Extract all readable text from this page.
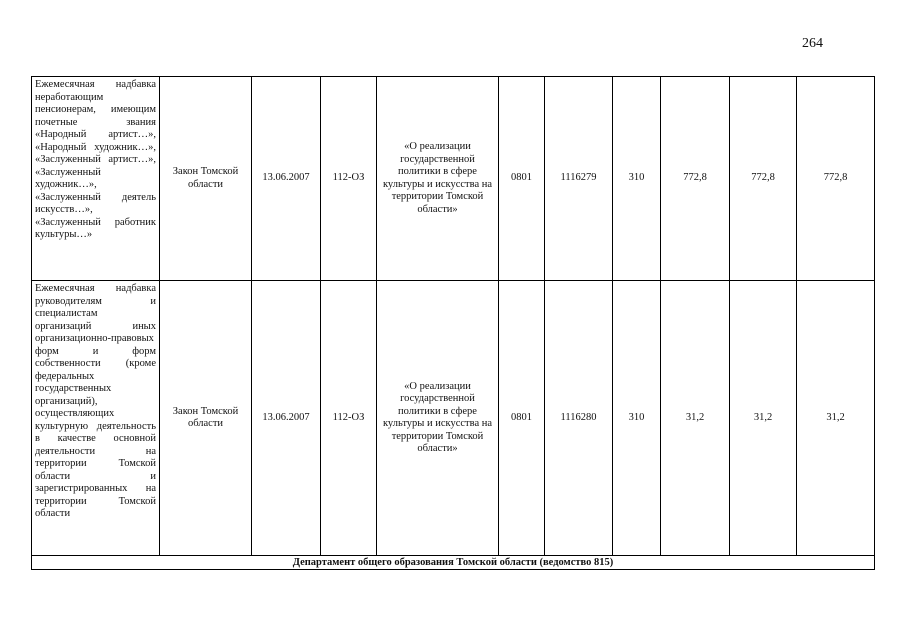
264
Ежемесячная надбавка неработающим пенсионерам, имеющим почетные звания «Народный артист…», «Народный художник…», «Заслуженный артист…», «Заслуженный художник…», «Заслуженный деятель искусств…», «Заслуженный работник культуры…»	Закон Томской области	13.06.2007	112-ОЗ	«О реализации государственной политики в сфере культуры и искусства на территории Томской области»	0801	1116279	310	772,8	772,8	772,8
Ежемесячная надбавка руководителям и специалистам организаций иных организационно-правовых форм и форм собственности (кроме федеральных государственных организаций), осуществляющих культурную деятельность в качестве основной деятельности на территории Томской области и зарегистрированных на территории Томской области	Закон Томской области	13.06.2007	112-ОЗ	«О реализации государственной политики в сфере культуры и искусства на территории Томской области»	0801	1116280	310	31,2	31,2	31,2
Департамент общего образования Томской области (ведомство 815)										
